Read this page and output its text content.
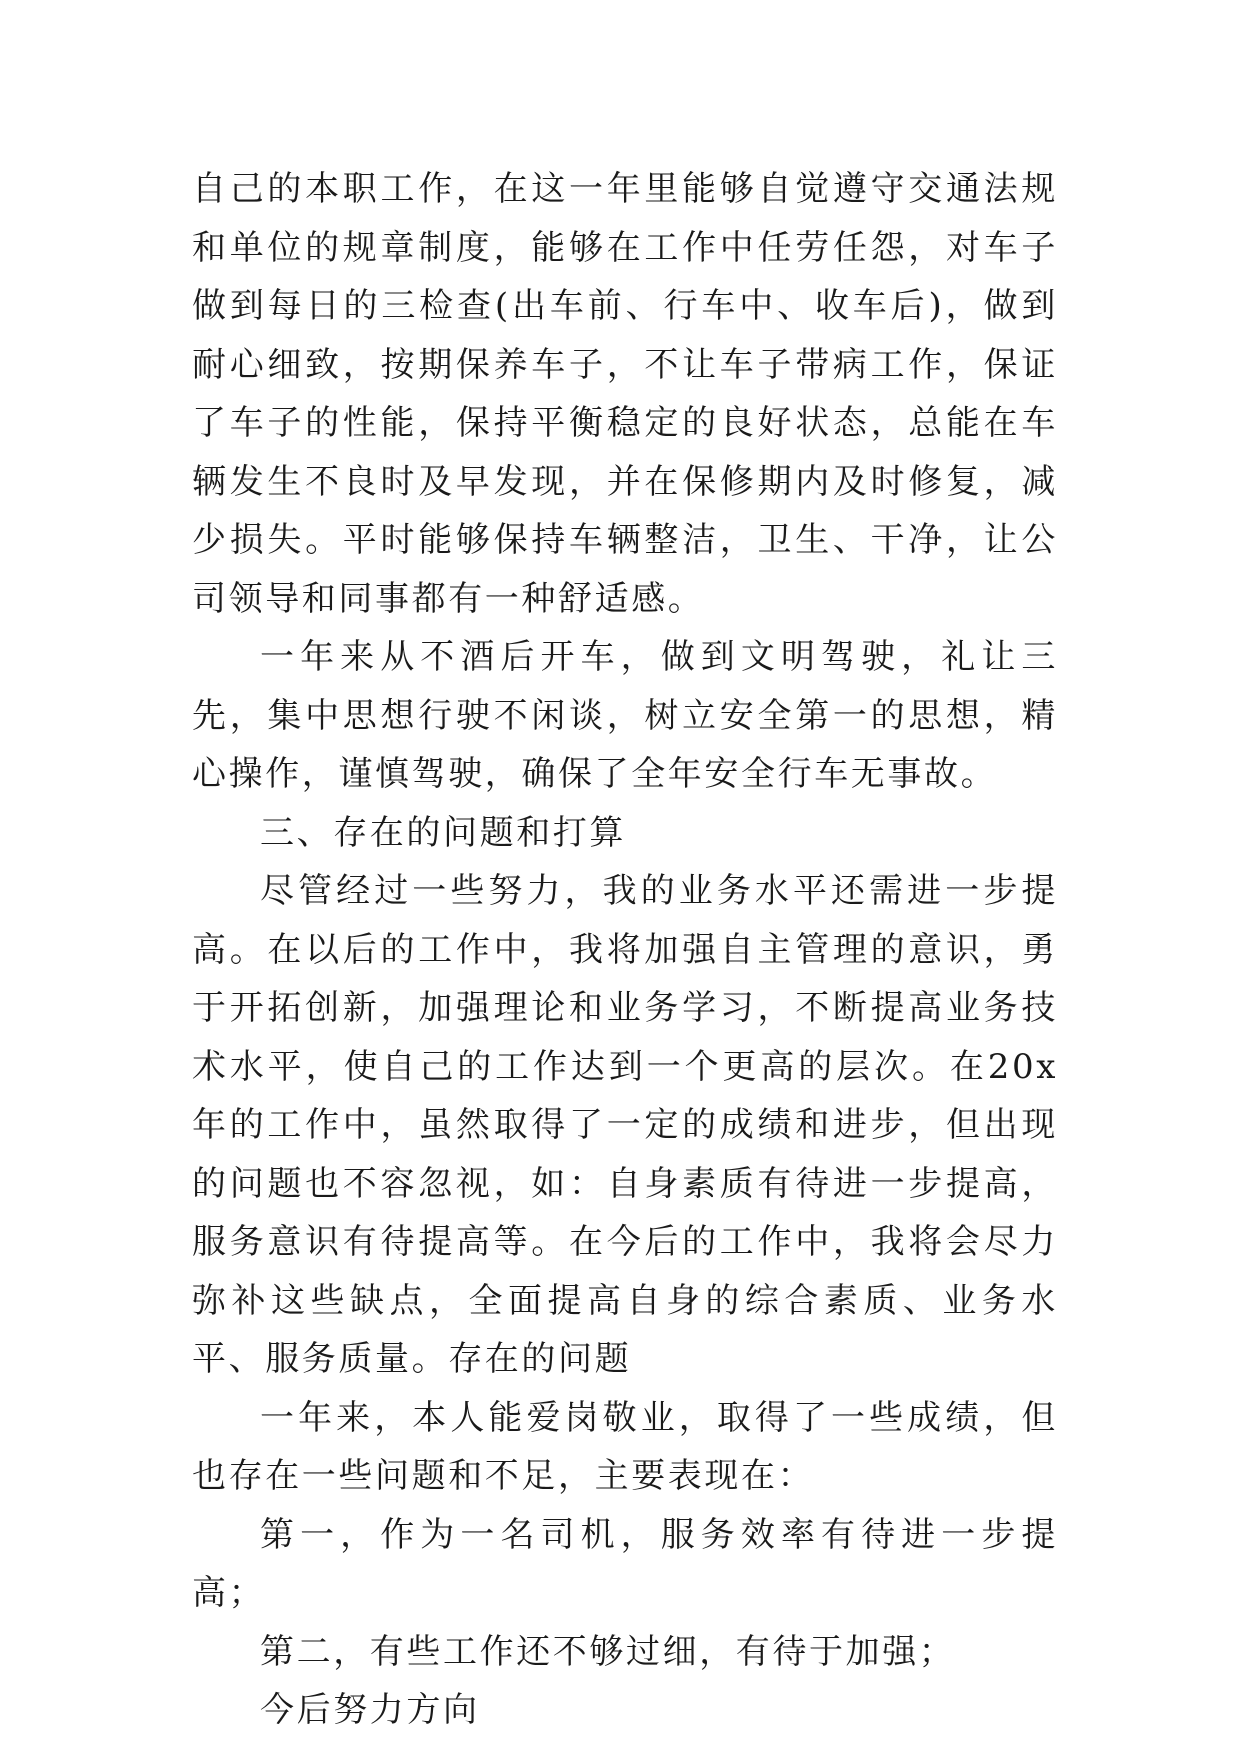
自己的本职工作，在这一年里能够自觉遵守交通法规和单位的规章制度，能够在工作中任劳任怨，对车子做到每日的三检查(出车前、行车中、收车后)，做到耐心细致，按期保养车子，不让车子带病工作，保证了车子的性能，保持平衡稳定的良好状态，总能在车辆发生不良时及早发现，并在保修期内及时修复，减少损失。平时能够保持车辆整洁，卫生、干净，让公司领导和同事都有一种舒适感。

一年来从不酒后开车，做到文明驾驶，礼让三先，集中思想行驶不闲谈，树立安全第一的思想，精心操作，谨慎驾驶，确保了全年安全行车无事故。

三、存在的问题和打算

尽管经过一些努力，我的业务水平还需进一步提高。在以后的工作中，我将加强自主管理的意识，勇于开拓创新，加强理论和业务学习，不断提高业务技术水平，使自己的工作达到一个更高的层次。在20x年的工作中，虽然取得了一定的成绩和进步，但出现的问题也不容忽视，如：自身素质有待进一步提高，服务意识有待提高等。在今后的工作中，我将会尽力弥补这些缺点，全面提高自身的综合素质、业务水平、服务质量。存在的问题

一年来，本人能爱岗敬业，取得了一些成绩，但也存在一些问题和不足，主要表现在：

第一，作为一名司机，服务效率有待进一步提高；

第二，有些工作还不够过细，有待于加强；

今后努力方向
